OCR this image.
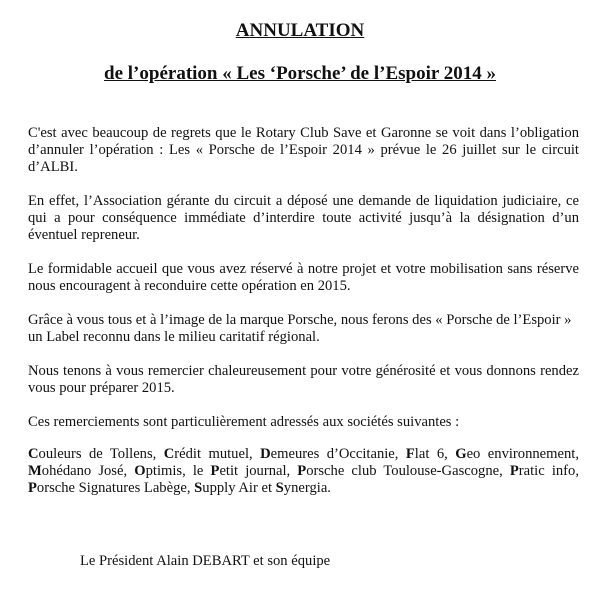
ANNULATION
de l’opération « Les ‘Porsche’ de l’Espoir 2014 »

C'est avec beaucoup de regrets que le Rotary Club Save et Garonne se voit dans l’obligation d’annuler l’opération : Les « Porsche de l’Espoir 2014 » prévue le 26 juillet sur le circuit d’ALBI.

En effet, l’Association gérante du circuit a déposé une demande de liquidation judiciaire, ce qui a pour conséquence immédiate d’interdire toute activité jusqu’à la désignation d’un éventuel repreneur.

Le formidable accueil que vous avez réservé à notre projet et votre mobilisation sans réserve nous encouragent à reconduire cette opération en 2015.

Grâce à vous tous et à l’image de la marque Porsche, nous ferons des « Porsche de l’Espoir » un Label reconnu dans le milieu caritatif régional.

Nous tenons à vous remercier chaleureusement pour votre générosité et vous donnons rendez vous pour préparer 2015.

Ces remerciements sont particulièrement adressés aux sociétés suivantes :

Couleurs de Tollens, Crédit mutuel, Demeures d’Occitanie, Flat 6, Geo environnement, Mohédano José, Optimis, le Petit journal, Porsche club Toulouse-Gascogne, Pratic info, Porsche Signatures Labège, Supply Air et Synergia.

Le Président Alain DEBART et son équipe
